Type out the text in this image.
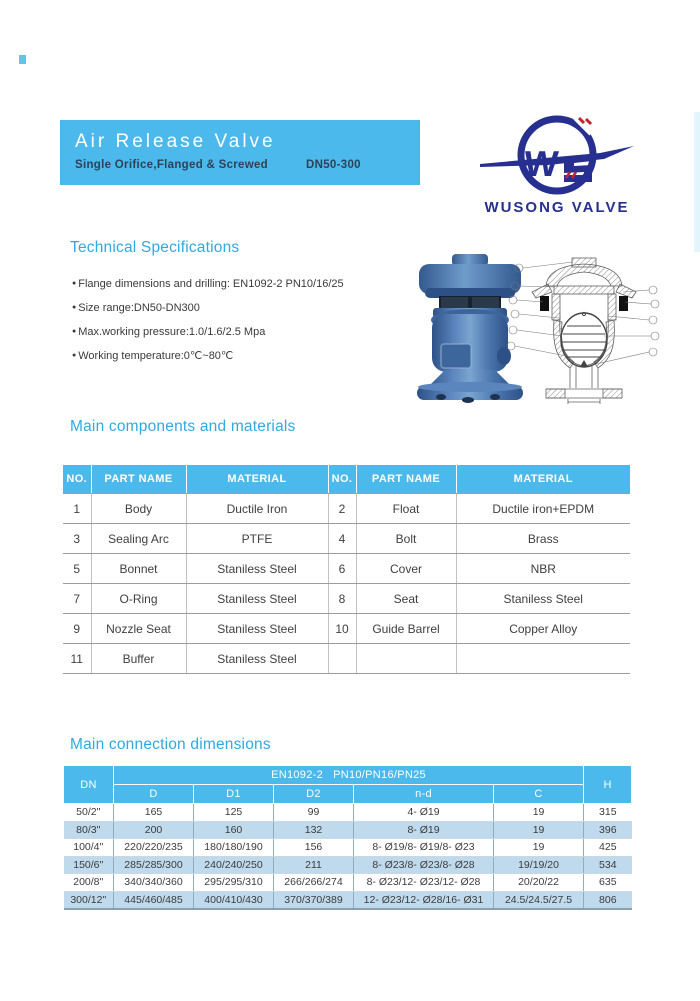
Air Release Valve
Single Orifice,Flanged & Screwed	DN50-300	W
WUSONG VALVE
Technical Specifications
● Flange dimensions and drilling: EN1092-2 PN10/16/25
● Size range:DN50-DN300
● Max.working pressure:1.0/1.6/2.5 Mpa
● Working temperature:0℃~80℃
Main components and materials
NO.	PART NAME	MATERIAL	NO.	PART NAME	MATERIAL
1	Body	Ductile Iron	2	Float	Ductile iron+EPDM
3	Sealing Arc	PTFE	4	Bolt	Brass
5	Bonnet	Staniless Steel	6	Cover	NBR
7	O-Ring	Staniless Steel	8	Seat	Staniless Steel
9	Nozzle Seat	Staniless Steel	10	Guide Barrel	Copper Alloy
11	Buffer	Staniless Steel			
Main connection dimensions
DN	EN1092-2   PN10/PN16/PN25					H
	D	D1	D2	n-d	C	
50/2"	165	125	99	4- Ø19	19	315
80/3"	200	160	132	8- Ø19	19	396
100/4"	220/220/235	180/180/190	156	8- Ø19/8- Ø19/8- Ø23	19	425
150/6"	285/285/300	240/240/250	211	8- Ø23/8- Ø23/8- Ø28	19/19/20	534
200/8"	340/340/360	295/295/310	266/266/274	8- Ø23/12- Ø23/12- Ø28	20/20/22	635
300/12"	445/460/485	400/410/430	370/370/389	12- Ø23/12- Ø28/16- Ø31	24.5/24.5/27.5	806
